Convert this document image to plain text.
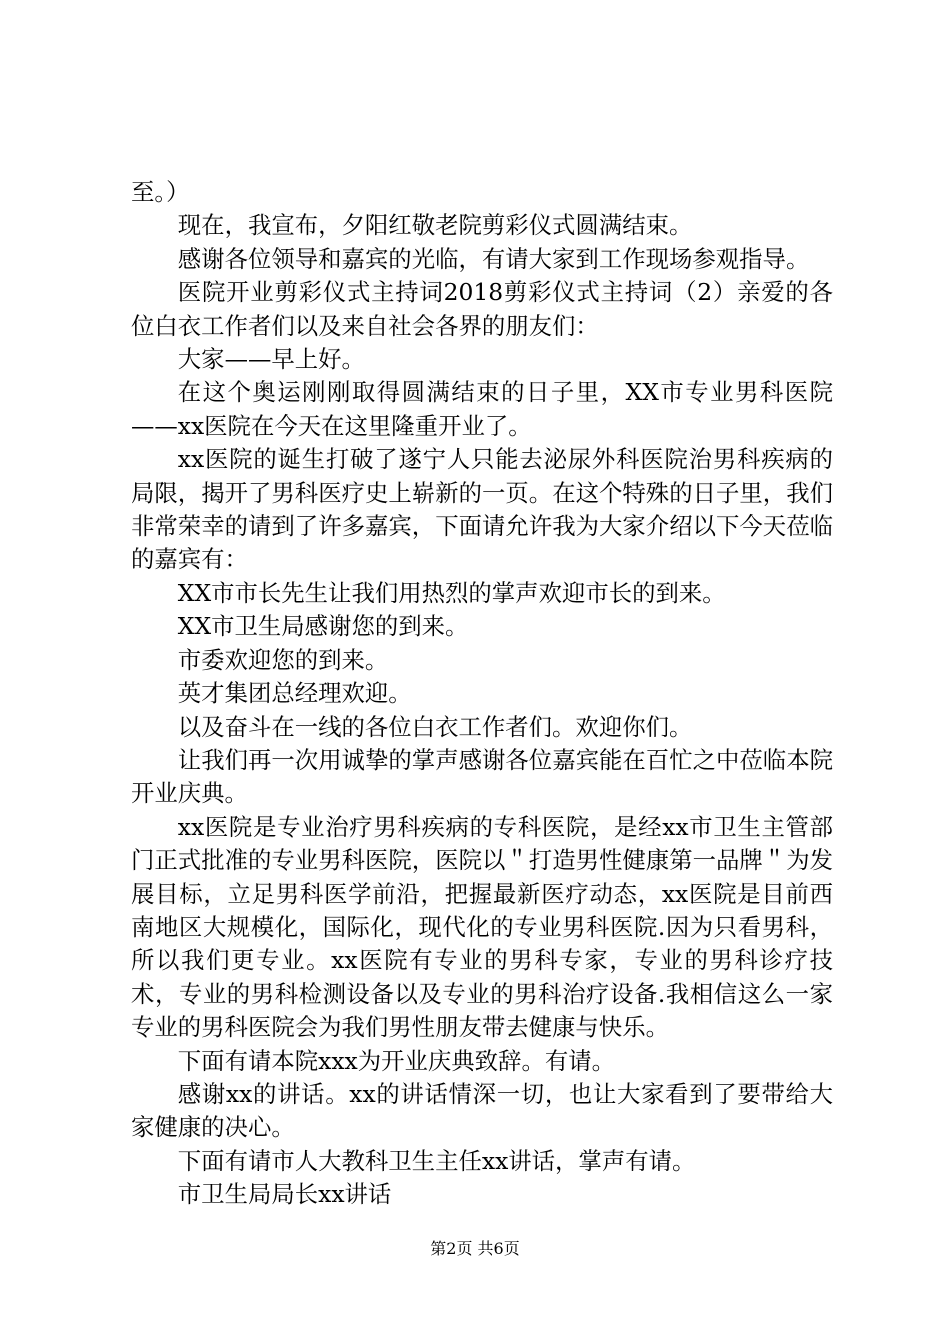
至。）

现在，我宣布，夕阳红敬老院剪彩仪式圆满结束。

感谢各位领导和嘉宾的光临，有请大家到工作现场参观指导。

医院开业剪彩仪式主持词2018剪彩仪式主持词（2）亲爱的各位白衣工作者们以及来自社会各界的朋友们：

大家——早上好。

在这个奥运刚刚取得圆满结束的日子里，XX市专业男科医院——xx医院在今天在这里隆重开业了。

xx医院的诞生打破了遂宁人只能去泌尿外科医院治男科疾病的局限，揭开了男科医疗史上崭新的一页。在这个特殊的日子里，我们非常荣幸的请到了许多嘉宾，下面请允许我为大家介绍以下今天莅临的嘉宾有：

XX市市长先生让我们用热烈的掌声欢迎市长的到来。

XX市卫生局感谢您的到来。

市委欢迎您的到来。

英才集团总经理欢迎。

以及奋斗在一线的各位白衣工作者们。欢迎你们。

让我们再一次用诚挚的掌声感谢各位嘉宾能在百忙之中莅临本院开业庆典。

xx医院是专业治疗男科疾病的专科医院，是经xx市卫生主管部门正式批准的专业男科医院，医院以＂打造男性健康第一品牌＂为发展目标，立足男科医学前沿，把握最新医疗动态，xx医院是目前西南地区大规模化，国际化，现代化的专业男科医院.因为只看男科，所以我们更专业。xx医院有专业的男科专家，专业的男科诊疗技术，专业的男科检测设备以及专业的男科治疗设备.我相信这么一家专业的男科医院会为我们男性朋友带去健康与快乐。

下面有请本院xxx为开业庆典致辞。有请。

感谢xx的讲话。xx的讲话情深一切，也让大家看到了要带给大家健康的决心。

下面有请市人大教科卫生主任xx讲话，掌声有请。

市卫生局局长xx讲话

第2页 共6页
